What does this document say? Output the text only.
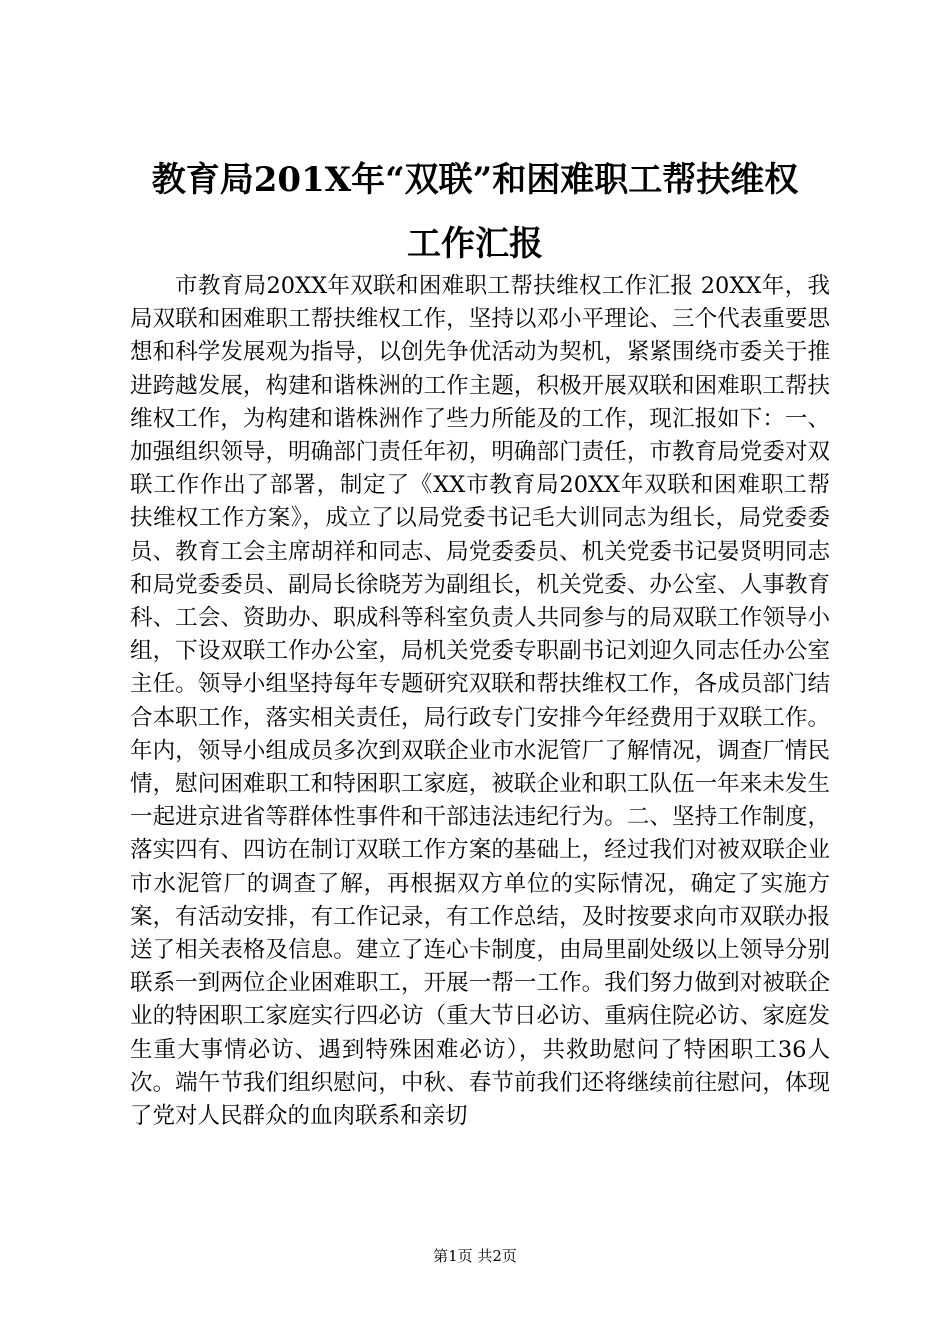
教育局201X年“双联”和困难职工帮扶维权
工作汇报
市教育局20XX年双联和困难职工帮扶维权工作汇报 20XX年，我局双联和困难职工帮扶维权工作，坚持以邓小平理论、三个代表重要思想和科学发展观为指导，以创先争优活动为契机，紧紧围绕市委关于推进跨越发展，构建和谐株洲的工作主题，积极开展双联和困难职工帮扶维权工作，为构建和谐株洲作了些力所能及的工作，现汇报如下：一、加强组织领导，明确部门责任年初，明确部门责任，市教育局党委对双联工作作出了部署，制定了《XX市教育局20XX年双联和困难职工帮扶维权工作方案》，成立了以局党委书记毛大训同志为组长，局党委委员、教育工会主席胡祥和同志、局党委委员、机关党委书记晏贤明同志和局党委委员、副局长徐晓芳为副组长，机关党委、办公室、人事教育科、工会、资助办、职成科等科室负责人共同参与的局双联工作领导小组，下设双联工作办公室，局机关党委专职副书记刘迎久同志任办公室主任。领导小组坚持每年专题研究双联和帮扶维权工作，各成员部门结合本职工作，落实相关责任，局行政专门安排今年经费用于双联工作。年内，领导小组成员多次到双联企业市水泥管厂了解情况，调查厂情民情，慰问困难职工和特困职工家庭，被联企业和职工队伍一年来未发生一起进京进省等群体性事件和干部违法违纪行为。二、坚持工作制度，落实四有、四访在制订双联工作方案的基础上，经过我们对被双联企业市水泥管厂的调查了解，再根据双方单位的实际情况，确定了实施方案，有活动安排，有工作记录，有工作总结，及时按要求向市双联办报送了相关表格及信息。建立了连心卡制度，由局里副处级以上领导分别联系一到两位企业困难职工，开展一帮一工作。我们努力做到对被联企业的特困职工家庭实行四必访（重大节日必访、重病住院必访、家庭发生重大事情必访、遇到特殊困难必访），共救助慰问了特困职工36人次。端午节我们组织慰问，中秋、春节前我们还将继续前往慰问，体现了党对人民群众的血肉联系和亲切
第1页 共2页
